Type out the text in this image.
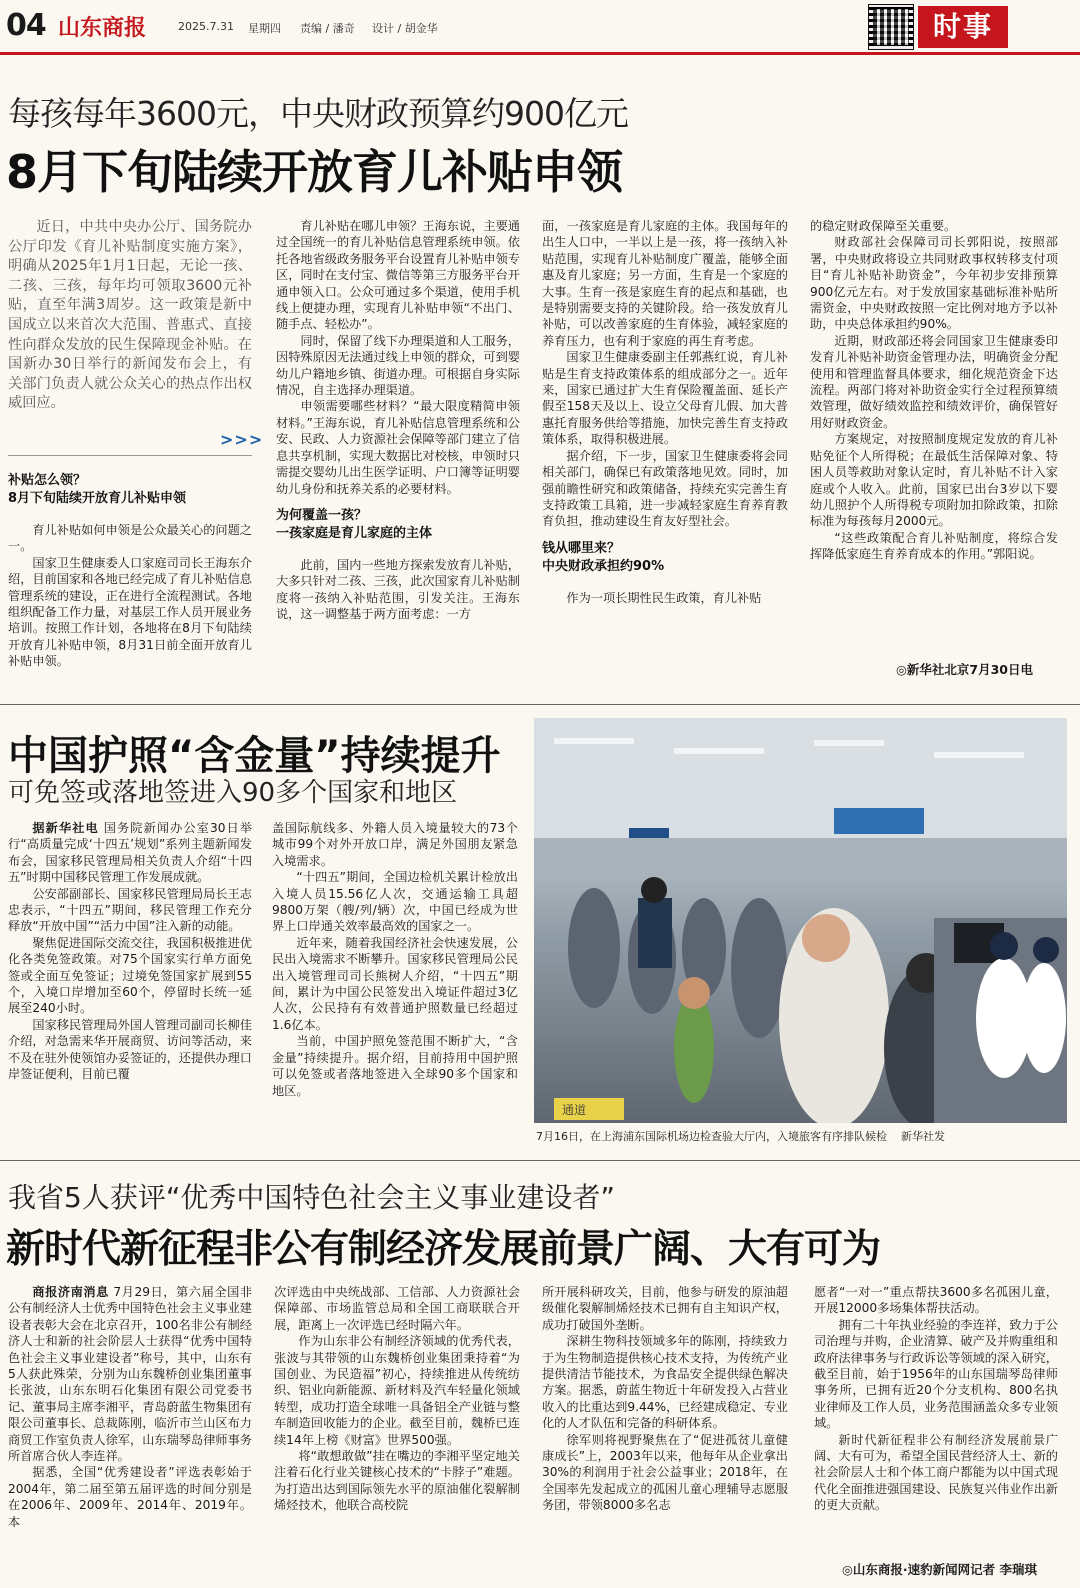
04 山东商报	2025.7.31 星期四 责编 / 潘奇 设计 / 胡金华	时事
每孩每年3600元，中央财政预算约900亿元
8月下旬陆续开放育儿补贴申领

近日，中共中央办公厅、国务院办公厅印发《育儿补贴制度实施方案》，明确从2025年1月1日起，无论一孩、二孩、三孩，每年均可领取3600元补贴，直至年满3周岁。这一政策是新中国成立以来首次大范围、普惠式、直接性向群众发放的民生保障现金补贴。在国新办30日举行的新闻发布会上，有关部门负责人就公众关心的热点作出权威回应。

>>>
补贴怎么领？
8月下旬陆续开放育儿补贴申领

育儿补贴如何申领是公众最关心的问题之一。

国家卫生健康委人口家庭司司长王海东介绍，目前国家和各地已经完成了育儿补贴信息管理系统的建设，正在进行全流程测试。各地组织配备工作力量，对基层工作人员开展业务培训。按照工作计划，各地将在8月下旬陆续开放育儿补贴申领，8月31日前全面开放育儿补贴申领。

育儿补贴在哪儿申领？王海东说，主要通过全国统一的育儿补贴信息管理系统申领。依托各地省级政务服务平台设置育儿补贴申领专区，同时在支付宝、微信等第三方服务平台开通申领入口。公众可通过多个渠道，使用手机线上便捷办理，实现育儿补贴申领“不出门、随手点、轻松办”。

同时，保留了线下办理渠道和人工服务，因特殊原因无法通过线上申领的群众，可到婴幼儿户籍地乡镇、街道办理。可根据自身实际情况，自主选择办理渠道。

申领需要哪些材料？“最大限度精简申领材料。”王海东说，育儿补贴信息管理系统和公安、民政、人力资源社会保障等部门建立了信息共享机制，实现大数据比对校核，申领时只需提交婴幼儿出生医学证明、户口簿等证明婴幼儿身份和抚养关系的必要材料。

为何覆盖一孩？
一孩家庭是育儿家庭的主体

此前，国内一些地方探索发放育儿补贴，大多只针对二孩、三孩，此次国家育儿补贴制度将一孩纳入补贴范围，引发关注。王海东说，这一调整基于两方面考虑：一方

面，一孩家庭是育儿家庭的主体。我国每年的出生人口中，一半以上是一孩，将一孩纳入补贴范围，实现育儿补贴制度广覆盖，能够全面惠及育儿家庭；另一方面，生育是一个家庭的大事。生育一孩是家庭生育的起点和基础，也是特别需要支持的关键阶段。给一孩发放育儿补贴，可以改善家庭的生育体验，减轻家庭的养育压力，也有利于家庭的再生育考虑。

国家卫生健康委副主任郭燕红说，育儿补贴是生育支持政策体系的组成部分之一。近年来，国家已通过扩大生育保险覆盖面、延长产假至158天及以上、设立父母育儿假、加大普惠托育服务供给等措施，加快完善生育支持政策体系，取得积极进展。

据介绍，下一步，国家卫生健康委将会同相关部门，确保已有政策落地见效。同时，加强前瞻性研究和政策储备，持续充实完善生育支持政策工具箱，进一步减轻家庭生育养育教育负担，推动建设生育友好型社会。

钱从哪里来？
中央财政承担约90%

作为一项长期性民生政策，育儿补贴

的稳定财政保障至关重要。

财政部社会保障司司长郭阳说，按照部署，中央财政将设立共同财政事权转移支付项目“育儿补贴补助资金”，今年初步安排预算900亿元左右。对于发放国家基础标准补贴所需资金，中央财政按照一定比例对地方予以补助，中央总体承担约90%。

近期，财政部还将会同国家卫生健康委印发育儿补贴补助资金管理办法，明确资金分配使用和管理监督具体要求，细化规范资金下达流程。两部门将对补助资金实行全过程预算绩效管理，做好绩效监控和绩效评价，确保管好用好财政资金。

方案规定，对按照制度规定发放的育儿补贴免征个人所得税；在最低生活保障对象、特困人员等救助对象认定时，育儿补贴不计入家庭或个人收入。此前，国家已出台3岁以下婴幼儿照护个人所得税专项附加扣除政策，扣除标准为每孩每月2000元。

“这些政策配合育儿补贴制度，将综合发挥降低家庭生育养育成本的作用。”郭阳说。

◎新华社北京7月30日电
中国护照“含金量”持续提升
可免签或落地签进入90多个国家和地区

据新华社电 国务院新闻办公室30日举行“高质量完成‘十四五’规划”系列主题新闻发布会，国家移民管理局相关负责人介绍“十四五”时期中国移民管理工作发展成就。

公安部副部长、国家移民管理局局长王志忠表示，“十四五”期间，移民管理工作充分释放“开放中国”“活力中国”注入新的动能。

聚焦促进国际交流交往，我国积极推进优化各类免签政策。对75个国家实行单方面免签或全面互免签证；过境免签国家扩展到55个，入境口岸增加至60个，停留时长统一延展至240小时。

国家移民管理局外国人管理司副司长柳佳介绍，对急需来华开展商贸、访问等活动，来不及在驻外使领馆办妥签证的，还提供办理口岸签证便利，目前已覆

盖国际航线多、外籍人员入境量较大的73个城市99个对外开放口岸，满足外国朋友紧急入境需求。

“十四五”期间，全国边检机关累计检放出入境人员15.56亿人次，交通运输工具超9800万架（艘/列/辆）次，中国已经成为世界上口岸通关效率最高效的国家之一。

近年来，随着我国经济社会快速发展，公民出入境需求不断攀升。国家移民管理局公民出入境管理司司长熊树人介绍，“十四五”期间，累计为中国公民签发出入境证件超过3亿人次，公民持有有效普通护照数量已经超过1.6亿本。

当前，中国护照免签范围不断扩大，“含金量”持续提升。据介绍，目前持用中国护照可以免签或者落地签进入全球90多个国家和地区。

通道
7月16日，在上海浦东国际机场边检查验大厅内，入境旅客有序排队候检 新华社发
我省5人获评“优秀中国特色社会主义事业建设者”
新时代新征程非公有制经济发展前景广阔、大有可为

商报济南消息 7月29日，第六届全国非公有制经济人士优秀中国特色社会主义事业建设者表彰大会在北京召开，100名非公有制经济人士和新的社会阶层人士获得“优秀中国特色社会主义事业建设者”称号，其中，山东有5人获此殊荣，分别为山东魏桥创业集团董事长张波，山东东明石化集团有限公司党委书记、董事局主席李湘平，青岛蔚蓝生物集团有限公司董事长、总裁陈刚，临沂市兰山区布力商贸工作室负责人徐军，山东瑞琴岛律师事务所首席合伙人李连祥。

据悉，全国“优秀建设者”评选表彰始于2004年，第二届至第五届评选的时间分别是在2006年、2009年、2014年、2019年。本

次评选由中央统战部、工信部、人力资源社会保障部、市场监管总局和全国工商联联合开展，距离上一次评选已经时隔六年。

作为山东非公有制经济领域的优秀代表，张波与其带领的山东魏桥创业集团秉持着“为国创业、为民造福”初心，持续推进从传统纺织、铝业向新能源、新材料及汽车轻量化领域转型，成功打造全球唯一具备铝全产业链与整车制造回收能力的企业。截至目前，魏桥已连续14年上榜《财富》世界500强。

将“敢想敢做”挂在嘴边的李湘平坚定地关注着石化行业关键核心技术的“卡脖子”难题。为打造出达到国际领先水平的原油催化裂解制烯烃技术，他联合高校院

所开展科研攻关，目前，他参与研发的原油超级催化裂解制烯烃技术已拥有自主知识产权，成功打破国外垄断。

深耕生物科技领域多年的陈刚，持续致力于为生物制造提供核心技术支持，为传统产业提供清洁节能技术，为食品安全提供绿色解决方案。据悉，蔚蓝生物近十年研发投入占营业收入的比重达到9.44%，已经建成稳定、专业化的人才队伍和完备的科研体系。

徐军则将视野聚焦在了“促进孤贫儿童健康成长”上，2003年以来，他每年从企业拿出30%的利润用于社会公益事业；2018年，在全国率先发起成立的孤困儿童心理辅导志愿服务团，带领8000多名志

愿者“一对一”重点帮扶3600多名孤困儿童，开展12000多场集体帮扶活动。

拥有二十年执业经验的李连祥，致力于公司治理与并购，企业清算、破产及并购重组和政府法律事务与行政诉讼等领域的深入研究，截至目前，始于1956年的山东国瑞琴岛律师事务所，已拥有近20个分支机构、800名执业律师及工作人员，业务范围涵盖众多专业领域。

新时代新征程非公有制经济发展前景广阔、大有可为，希望全国民营经济人士、新的社会阶层人士和个体工商户都能为以中国式现代化全面推进强国建设、民族复兴伟业作出新的更大贡献。

◎山东商报·速豹新闻网记者 李瑞琪
